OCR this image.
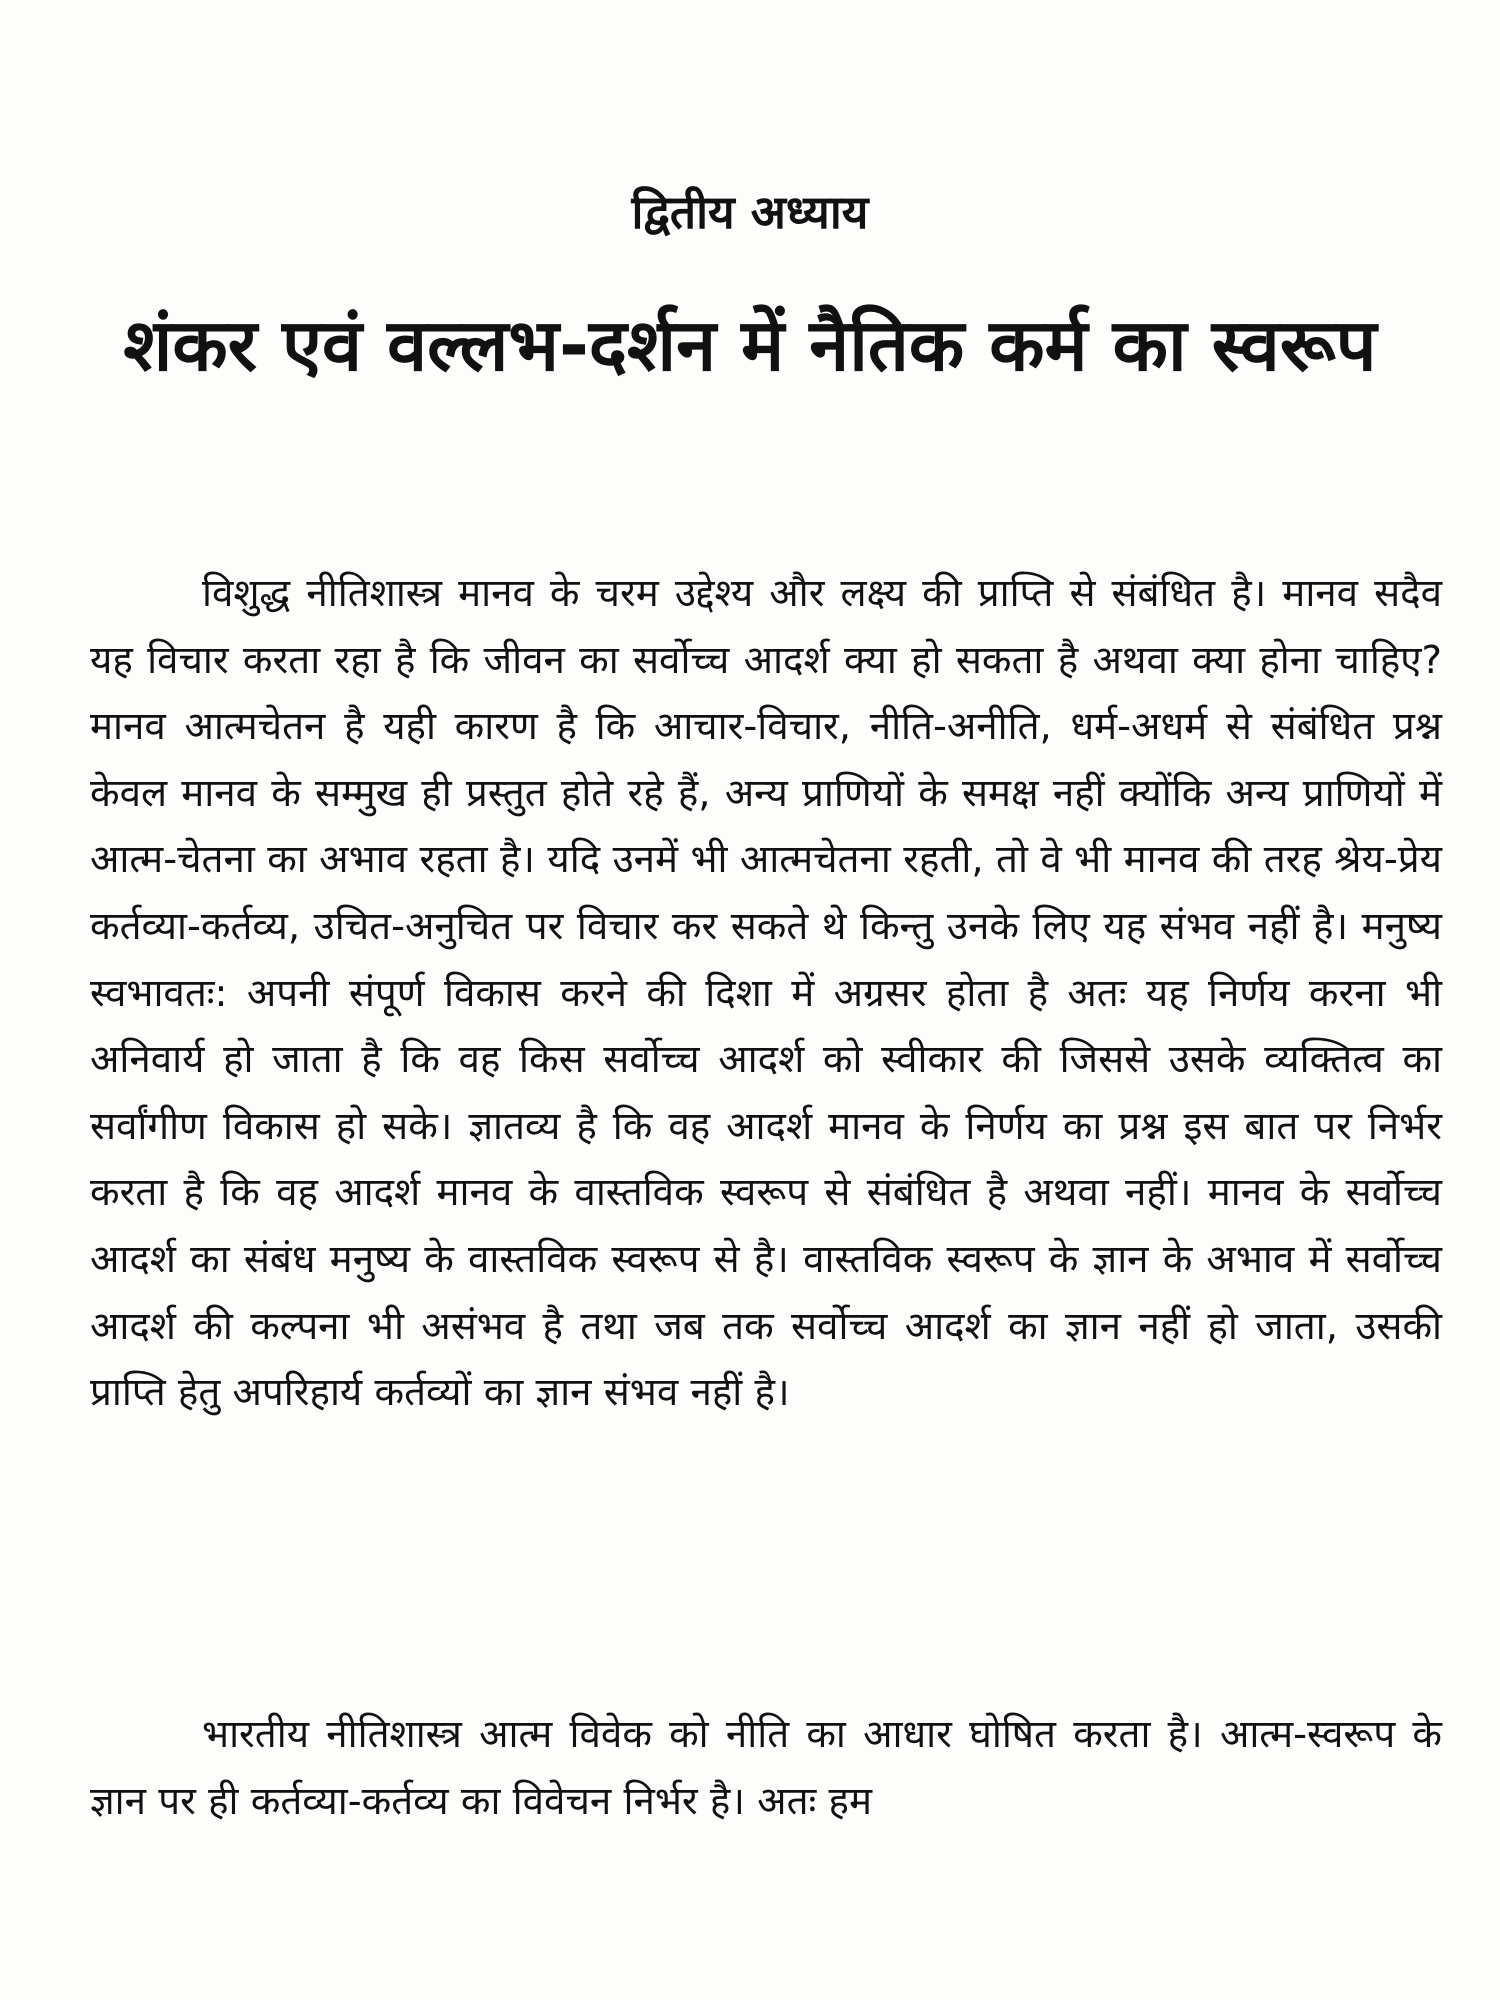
द्वितीय अध्याय
शंकर एवं वल्लभ-दर्शन में नैतिक कर्म का स्वरूप

विशुद्ध नीतिशास्त्र मानव के चरम उद्देश्य और लक्ष्य की प्राप्ति से संबंधित है। मानव सदैव यह विचार करता रहा है कि जीवन का सर्वोच्च आदर्श क्या हो सकता है अथवा क्या होना चाहिए? मानव आत्मचेतन है यही कारण है कि आचार-विचार, नीति-अनीति, धर्म-अधर्म से संबंधित प्रश्न केवल मानव के सम्मुख ही प्रस्तुत होते रहे हैं, अन्य प्राणियों के समक्ष नहीं क्योंकि अन्य प्राणियों में आत्म-चेतना का अभाव रहता है। यदि उनमें भी आत्मचेतना रहती, तो वे भी मानव की तरह श्रेय-प्रेय कर्तव्या-कर्तव्य, उचित-अनुचित पर विचार कर सकते थे किन्तु उनके लिए यह संभव नहीं है। मनुष्य स्वभावतः: अपनी संपूर्ण विकास करने की दिशा में अग्रसर होता है अतः यह निर्णय करना भी अनिवार्य हो जाता है कि वह किस सर्वोच्च आदर्श को स्वीकार की जिससे उसके व्यक्तित्व का सर्वांगीण विकास हो सके। ज्ञातव्य है कि वह आदर्श मानव के निर्णय का प्रश्न इस बात पर निर्भर करता है कि वह आदर्श मानव के वास्तविक स्वरूप से संबंधित है अथवा नहीं। मानव के सर्वोच्च आदर्श का संबंध मनुष्य के वास्तविक स्वरूप से है। वास्तविक स्वरूप के ज्ञान के अभाव में सर्वोच्च आदर्श की कल्पना भी असंभव है तथा जब तक सर्वोच्च आदर्श का ज्ञान नहीं हो जाता, उसकी प्राप्ति हेतु अपरिहार्य कर्तव्यों का ज्ञान संभव नहीं है।

भारतीय नीतिशास्त्र आत्म विवेक को नीति का आधार घोषित करता है। आत्म-स्वरूप के ज्ञान पर ही कर्तव्या-कर्तव्य का विवेचन निर्भर है। अतः हम
